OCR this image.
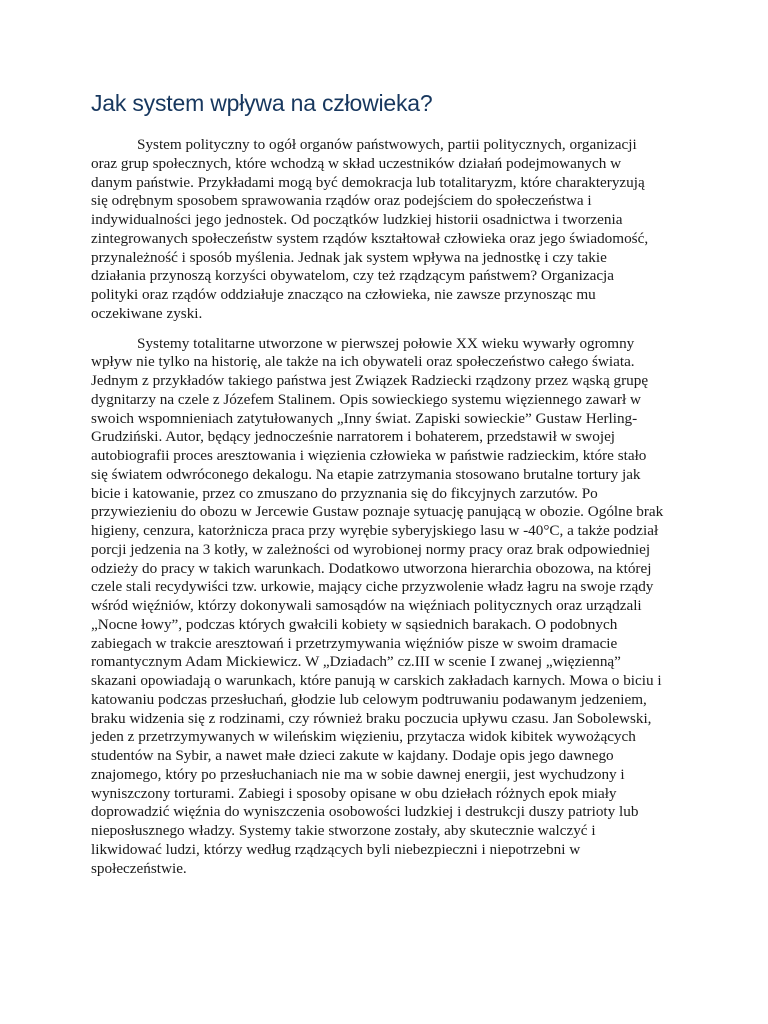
Jak system wpływa na człowieka?

System polityczny to ogół organów państwowych, partii politycznych, organizacji
oraz grup społecznych, które wchodzą w skład uczestników działań podejmowanych w
danym państwie. Przykładami mogą być demokracja lub totalitaryzm, które charakteryzują
się odrębnym sposobem sprawowania rządów oraz podejściem do społeczeństwa i
indywidualności jego jednostek. Od początków ludzkiej historii osadnictwa i tworzenia
zintegrowanych społeczeństw system rządów kształtował człowieka oraz jego świadomość,
przynależność i sposób myślenia. Jednak jak system wpływa na jednostkę i czy takie
działania przynoszą korzyści obywatelom, czy też rządzącym państwem? Organizacja
polityki oraz rządów oddziałuje znacząco na człowieka, nie zawsze przynosząc mu
oczekiwane zyski.

Systemy totalitarne utworzone w pierwszej połowie XX wieku wywarły ogromny
wpływ nie tylko na historię, ale także na ich obywateli oraz społeczeństwo całego świata.
Jednym z przykładów takiego państwa jest Związek Radziecki rządzony przez wąską grupę
dygnitarzy na czele z Józefem Stalinem. Opis sowieckiego systemu więziennego zawarł w
swoich wspomnieniach zatytułowanych „Inny świat. Zapiski sowieckie” Gustaw Herling-
Grudziński. Autor, będący jednocześnie narratorem i bohaterem, przedstawił w swojej
autobiografii proces aresztowania i więzienia człowieka w państwie radzieckim, które stało
się światem odwróconego dekalogu. Na etapie zatrzymania stosowano brutalne tortury jak
bicie i katowanie, przez co zmuszano do przyznania się do fikcyjnych zarzutów. Po
przywiezieniu do obozu w Jercewie Gustaw poznaje sytuację panującą w obozie. Ogólne brak
higieny, cenzura, katorżnicza praca przy wyrębie syberyjskiego lasu w -40°C, a także podział
porcji jedzenia na 3 kotły, w zależności od wyrobionej normy pracy oraz brak odpowiedniej
odzieży do pracy w takich warunkach. Dodatkowo utworzona hierarchia obozowa, na której
czele stali recydywiści tzw. urkowie, mający ciche przyzwolenie władz łagru na swoje rządy
wśród więźniów, którzy dokonywali samosądów na więźniach politycznych oraz urządzali
„Nocne łowy”, podczas których gwałcili kobiety w sąsiednich barakach. O podobnych
zabiegach w trakcie aresztowań i przetrzymywania więźniów pisze w swoim dramacie
romantycznym Adam Mickiewicz. W „Dziadach” cz.III w scenie I zwanej „więzienną”
skazani opowiadają o warunkach, które panują w carskich zakładach karnych. Mowa o biciu i
katowaniu podczas przesłuchań, głodzie lub celowym podtruwaniu podawanym jedzeniem,
braku widzenia się z rodzinami, czy również braku poczucia upływu czasu. Jan Sobolewski,
jeden z przetrzymywanych w wileńskim więzieniu, przytacza widok kibitek wywożących
studentów na Sybir, a nawet małe dzieci zakute w kajdany. Dodaje opis jego dawnego
znajomego, który po przesłuchaniach nie ma w sobie dawnej energii, jest wychudzony i
wyniszczony torturami. Zabiegi i sposoby opisane w obu dziełach różnych epok miały
doprowadzić więźnia do wyniszczenia osobowości ludzkiej i destrukcji duszy patrioty lub
nieposłusznego władzy. Systemy takie stworzone zostały, aby skutecznie walczyć i
likwidować ludzi, którzy według rządzących byli niebezpieczni i niepotrzebni w
społeczeństwie.
